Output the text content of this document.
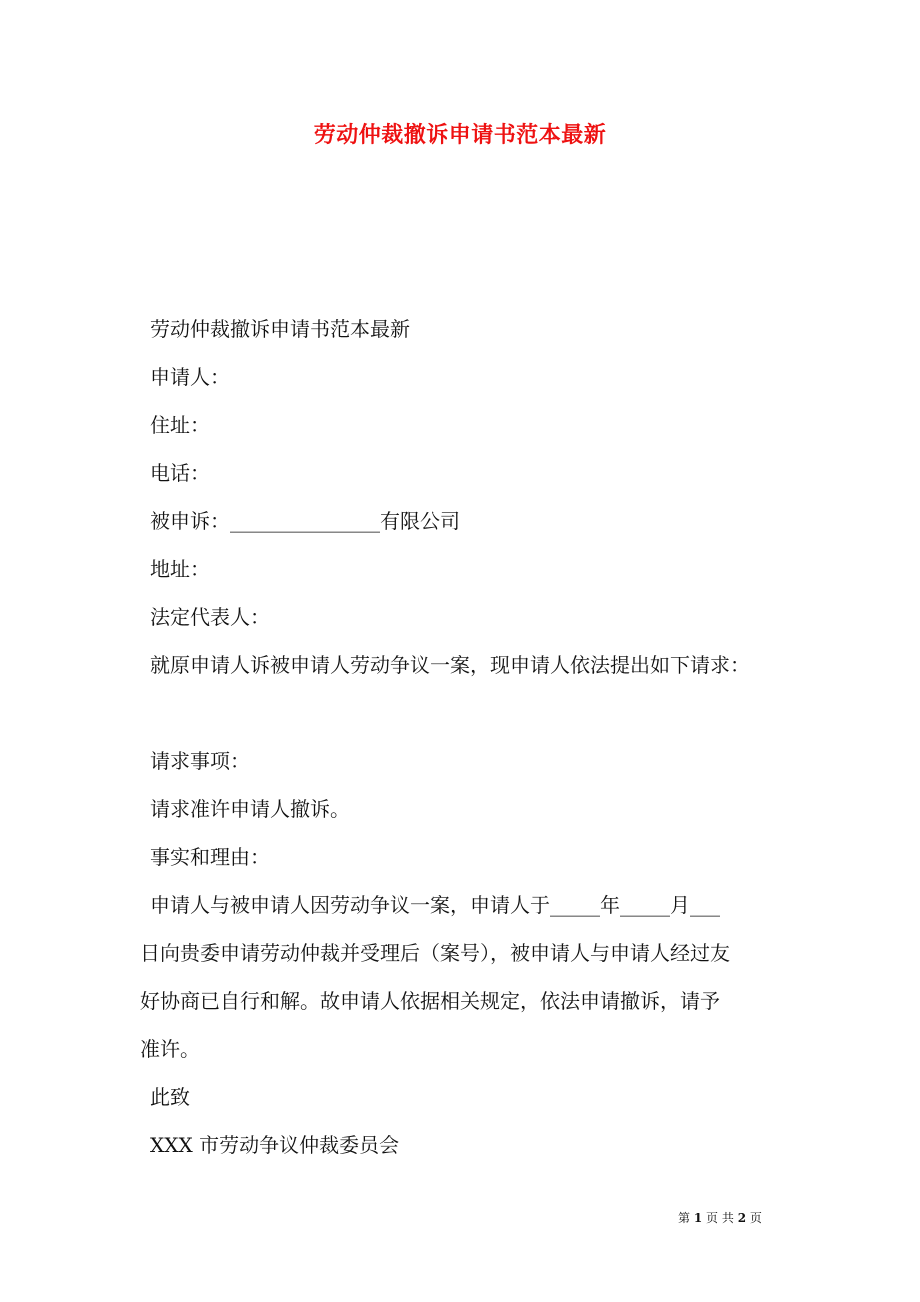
劳动仲裁撤诉申请书范本最新
劳动仲裁撤诉申请书范本最新
申请人：
住址：
电话：
被申诉：_______________有限公司
地址：
法定代表人：
就原申请人诉被申请人劳动争议一案，现申请人依法提出如下请求：
请求事项：
请求准许申请人撤诉。
事实和理由：
申请人与被申请人因劳动争议一案，申请人于_____年_____月___
日向贵委申请劳动仲裁并受理后（案号），被申请人与申请人经过友
好协商已自行和解。故申请人依据相关规定，依法申请撤诉，请予
准许。
此致
XXX 市劳动争议仲裁委员会
第 1 页 共 2 页
